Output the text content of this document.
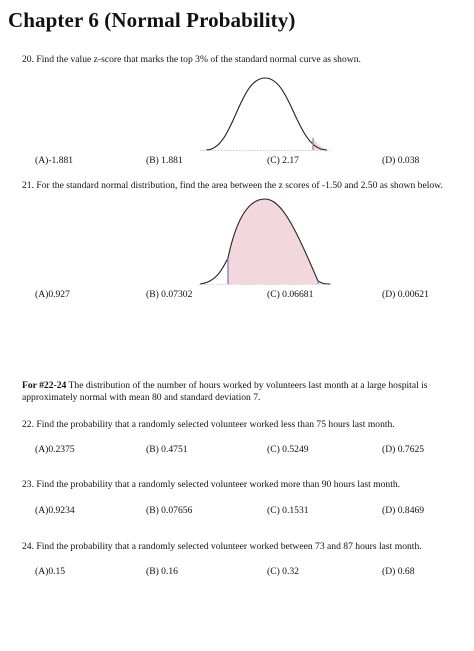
Chapter 6 (Normal Probability)
20. Find the value z-score that marks the top 3% of the standard normal curve as shown.
(A)-1.881	(B) 1.881	(C) 2.17	(D) 0.038
21. For the standard normal distribution, find the area between the z scores of -1.50 and 2.50 as shown below.
(A)0.927	(B) 0.07302	(C) 0.06681	(D) 0.00621
For #22-24 The distribution of the number of hours worked by volunteers last month at a large hospital is approximately normal with mean 80 and standard deviation 7.
22. Find the probability that a randomly selected volunteer worked less than 75 hours last month.
(A)0.2375	(B) 0.4751	(C) 0.5249	(D) 0.7625
23. Find the probability that a randomly selected volunteer worked more than 90 hours last month.
(A)0.9234	(B) 0.07656	(C) 0.1531	(D) 0.8469
24. Find the probability that a randomly selected volunteer worked between 73 and 87 hours last month.
(A)0.15	(B) 0.16	(C) 0.32	(D) 0.68
